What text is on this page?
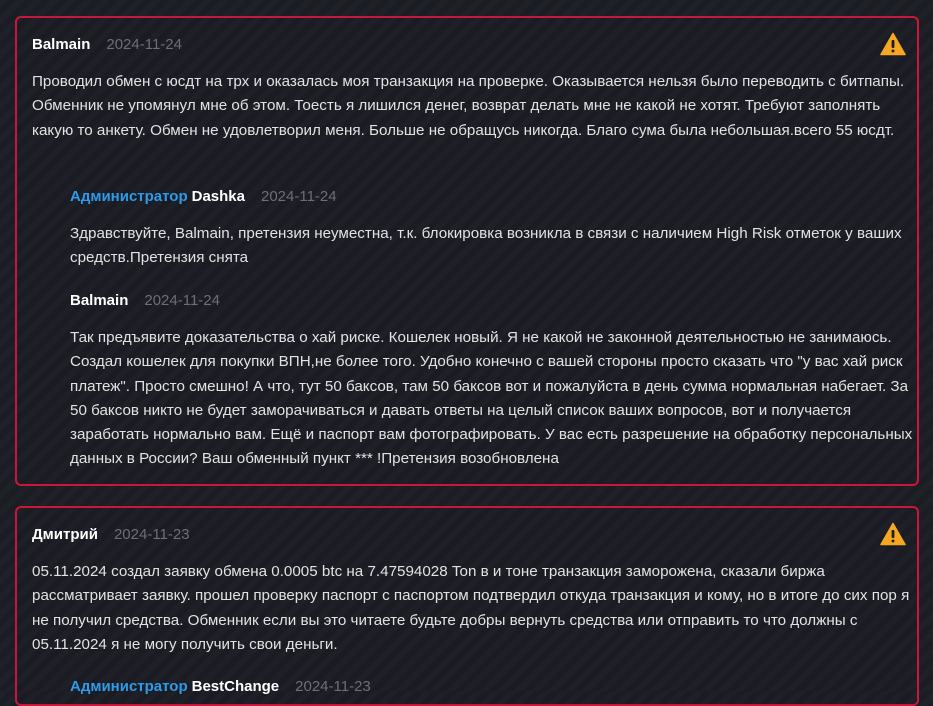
Balmain 2024-11-24
Проводил обмен с юсдт на трх и оказалась моя транзакция на проверке. Оказывается нельзя было переводить с битпапы. Обменник не упомянул мне об этом. Тоесть я лишился денег, возврат делать мне не какой не хотят. Требуют заполнять какую то анкету. Обмен не удовлетворил меня. Больше не обращусь никогда. Благо сума была небольшая.всего 55 юсдт.
Администратор Dashka 2024-11-24
Здравствуйте, Balmain, претензия неуместна, т.к. блокировка возникла в связи с наличием High Risk отметок у ваших средств.Претензия снята
Balmain 2024-11-24
Так предъявите доказательства о хай риске. Кошелек новый. Я не какой не законной деятельностью не занимаюсь. Создал кошелек для покупки ВПН,не более того. Удобно конечно с вашей стороны просто сказать что "у вас хай риск платеж". Просто смешно! А что, тут 50 баксов, там 50 баксов вот и пожалуйста в день сумма нормальная набегает. За 50 баксов никто не будет заморачиваться и давать ответы на целый список ваших вопросов, вот и получается заработать нормально вам. Ещё и паспорт вам фотографировать. У вас есть разрешение на обработку персональных данных в России? Ваш обменный пункт *** !Претензия возобновлена
Дмитрий 2024-11-23
05.11.2024 создал заявку обмена 0.0005 btc на 7.47594028 Ton в и тоне транзакция заморожена, сказали биржа рассматривает заявку. прошел проверку паспорт с паспортом подтвердил откуда транзакция и кому, но в итоге до сих пор я не получил средства. Обменник если вы это читаете будьте добры вернуть средства или отправить то что должны с 05.11.2024 я не могу получить свои деньги.
Администратор BestChange 2024-11-23
